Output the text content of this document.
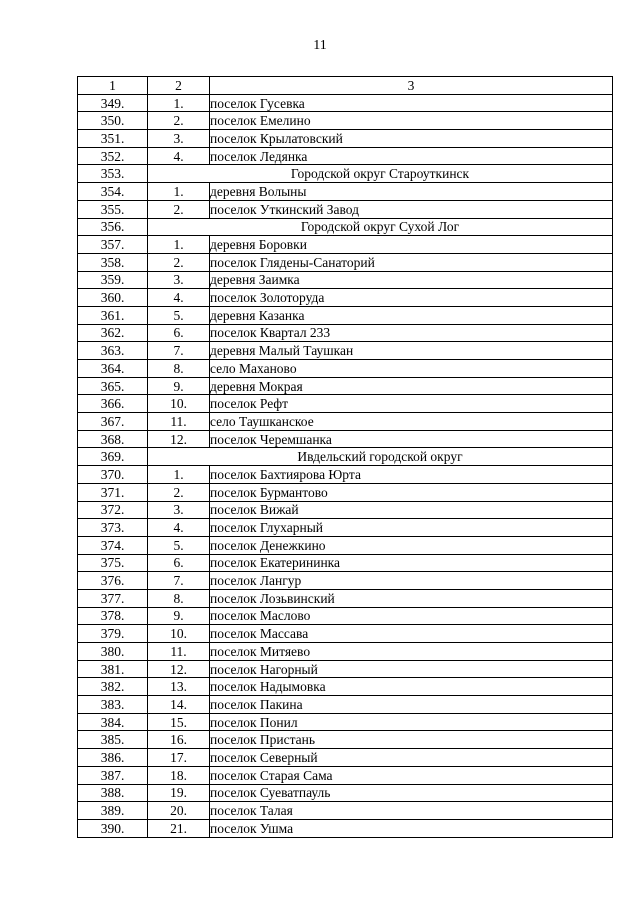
11
1	2	3
349.	1.	поселок Гусевка
350.	2.	поселок Емелино
351.	3.	поселок Крылатовский
352.	4.	поселок Ледянка
353.	Городской округ Староуткинск	
354.	1.	деревня Волыны
355.	2.	поселок Уткинский Завод
356.	Городской округ Сухой Лог	
357.	1.	деревня Боровки
358.	2.	поселок Глядены-Санаторий
359.	3.	деревня Заимка
360.	4.	поселок Золоторуда
361.	5.	деревня Казанка
362.	6.	поселок Квартал 233
363.	7.	деревня Малый Таушкан
364.	8.	село Маханово
365.	9.	деревня Мокрая
366.	10.	поселок Рефт
367.	11.	село Таушканское
368.	12.	поселок Черемшанка
369.	Ивдельский городской округ	
370.	1.	поселок Бахтиярова Юрта
371.	2.	поселок Бурмантово
372.	3.	поселок Вижай
373.	4.	поселок Глухарный
374.	5.	поселок Денежкино
375.	6.	поселок Екатерининка
376.	7.	поселок Лангур
377.	8.	поселок Лозьвинский
378.	9.	поселок Маслово
379.	10.	поселок Массава
380.	11.	поселок Митяево
381.	12.	поселок Нагорный
382.	13.	поселок Надымовка
383.	14.	поселок Пакина
384.	15.	поселок Понил
385.	16.	поселок Пристань
386.	17.	поселок Северный
387.	18.	поселок Старая Сама
388.	19.	поселок Суеватпауль
389.	20.	поселок Талая
390.	21.	поселок Ушма
